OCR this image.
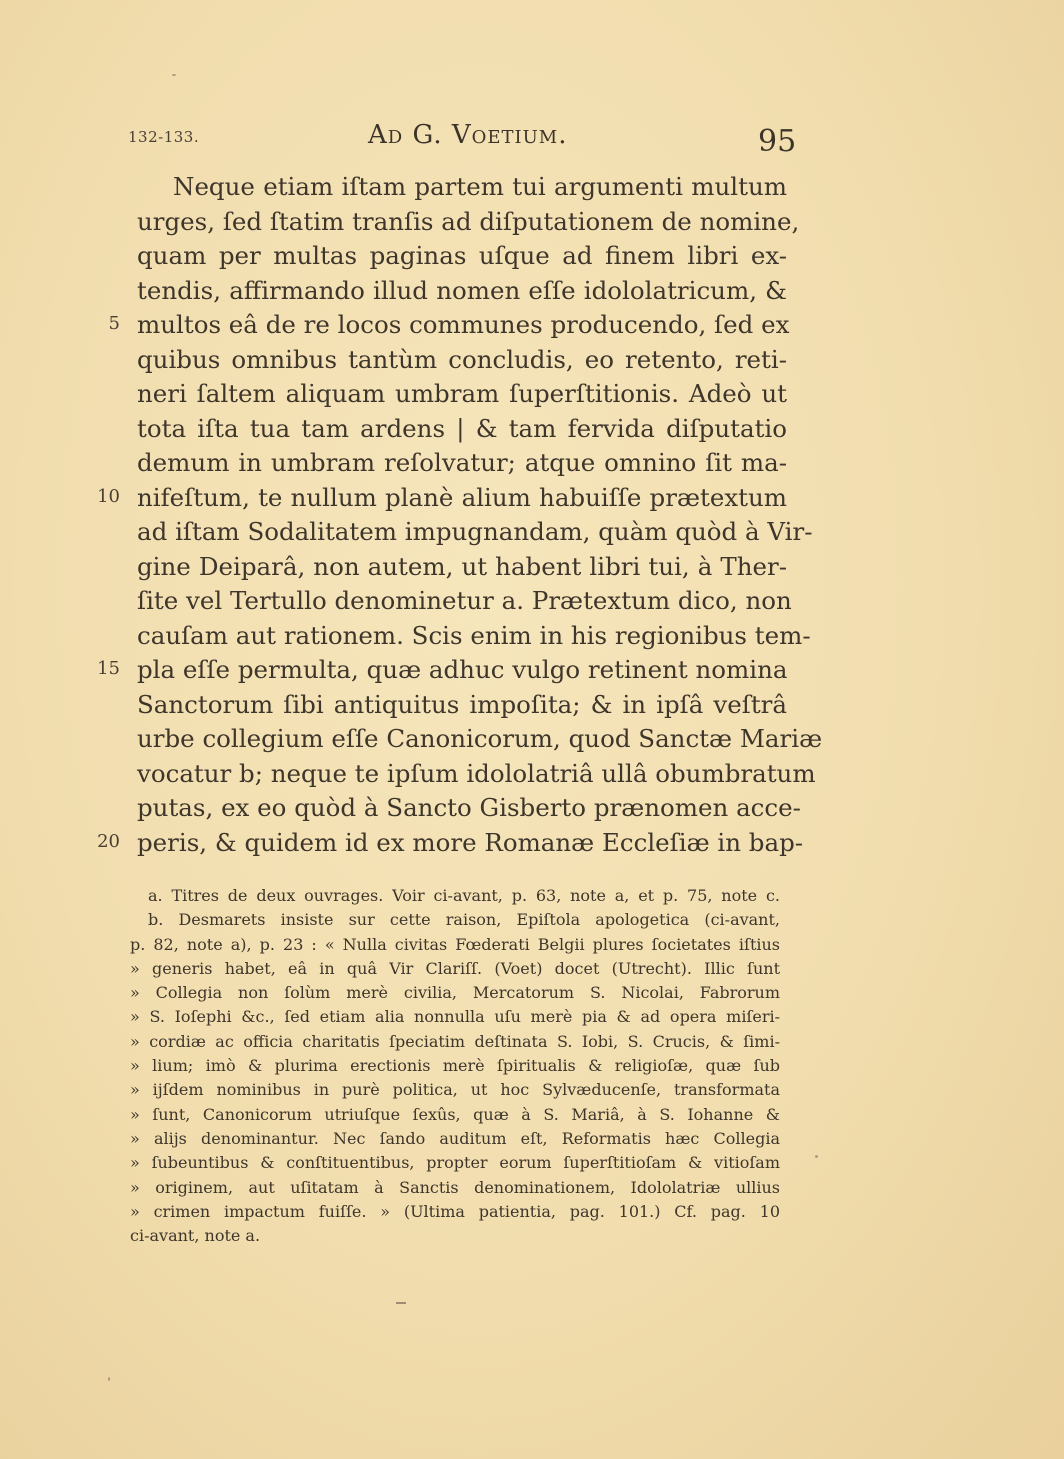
132-133.	Ad G. Voetium.	95
Neque etiam iſtam partem tui argumenti multum
urges, ſed ſtatim tranſis ad diſputationem de nomine,
quam per multas paginas uſque ad finem libri ex-
tendis, affirmando illud nomen eſſe idololatricum, &
multos eâ de re locos communes producendo, ſed ex
quibus omnibus tantùm concludis, eo retento, reti-
neri ſaltem aliquam umbram ſuperſtitionis. Adeò ut
tota iſta tua tam ardens | & tam fervida diſputatio
demum in umbram reſolvatur; atque omnino ſit ma-
nifeſtum, te nullum planè alium habuiſſe prætextum
ad iſtam Sodalitatem impugnandam, quàm quòd à Vir-
gine Deiparâ, non autem, ut habent libri tui, à Ther-
ſite vel Tertullo denominetur a. Prætextum dico, non
cauſam aut rationem. Scis enim in his regionibus tem-
pla eſſe permulta, quæ adhuc vulgo retinent nomina
Sanctorum ſibi antiquitus impoſita; & in ipſâ veſtrâ
urbe collegium eſſe Canonicorum, quod Sanctæ Mariæ
vocatur b; neque te ipſum idololatriâ ullâ obumbratum
putas, ex eo quòd à Sancto Gisberto prænomen acce-
peris, & quidem id ex more Romanæ Eccleſiæ in bap-
5
10
15
20
a. Titres de deux ouvrages. Voir ci-avant, p. 63, note a, et p. 75, note c.
b. Desmarets insiste sur cette raison, Epiſtola apologetica (ci-avant,
p. 82, note a), p. 23 : « Nulla civitas Fœderati Belgii plures ſocietates iſtius
» generis habet, eâ in quâ Vir Clariſſ. (Voet) docet (Utrecht). Illic ſunt
» Collegia non ſolùm merè civilia, Mercatorum S. Nicolai, Fabrorum
» S. Ioſephi &c., ſed etiam alia nonnulla uſu merè pia & ad opera miſeri-
» cordiæ ac officia charitatis ſpeciatim deſtinata S. Iobi, S. Crucis, & ſimi-
» lium; imò & plurima erectionis merè ſpiritualis & religioſæ, quæ ſub
» ijſdem nominibus in purè politica, ut hoc Sylvæducenſe, transformata
» ſunt, Canonicorum utriuſque ſexûs, quæ à S. Mariâ, à S. Iohanne &
» alijs denominantur. Nec ſando auditum eſt, Reformatis hæc Collegia
» ſubeuntibus & conſtituentibus, propter eorum ſuperſtitioſam & vitioſam
» originem, aut uſitatam à Sanctis denominationem, Idololatriæ ullius
» crimen impactum fuiſſe. » (Ultima patientia, pag. 101.) Cf. pag. 10
ci-avant, note a.
